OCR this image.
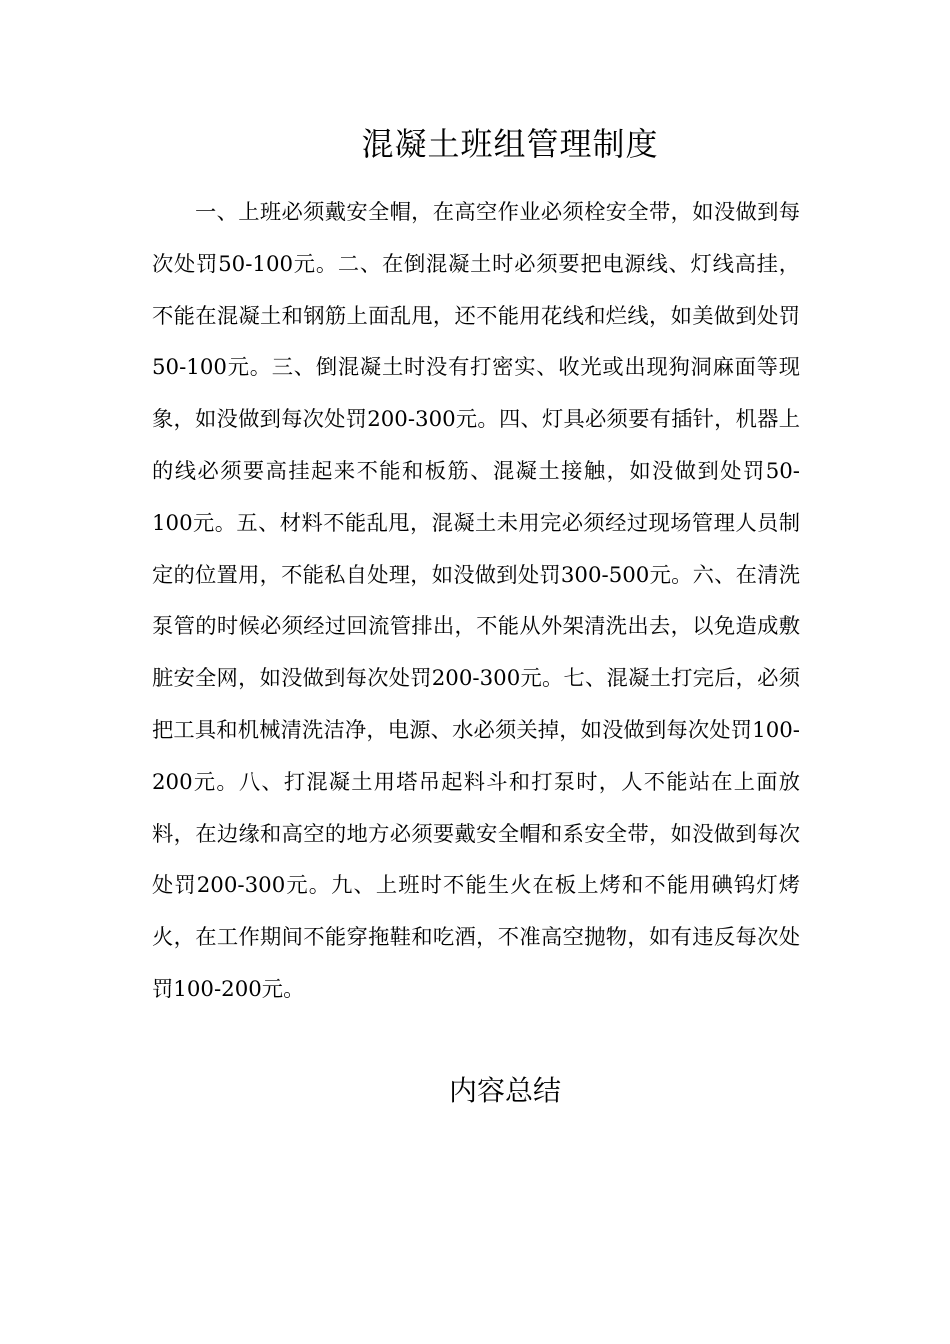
混凝土班组管理制度

一、上班必须戴安全帽，在高空作业必须栓安全带，如没做到每次处罚50-100元。二、在倒混凝土时必须要把电源线、灯线高挂，不能在混凝土和钢筋上面乱甩，还不能用花线和烂线，如美做到处罚50-100元。三、倒混凝土时没有打密实、收光或出现狗洞麻面等现象，如没做到每次处罚200-300元。四、灯具必须要有插针，机器上的线必须要高挂起来不能和板筋、混凝土接触，如没做到处罚50-100元。五、材料不能乱甩，混凝土未用完必须经过现场管理人员制定的位置用，不能私自处理，如没做到处罚300-500元。六、在清洗泵管的时候必须经过回流管排出，不能从外架清洗出去，以免造成敷脏安全网，如没做到每次处罚200-300元。七、混凝土打完后，必须把工具和机械清洗洁净，电源、水必须关掉，如没做到每次处罚100-200元。八、打混凝土用塔吊起料斗和打泵时，人不能站在上面放料，在边缘和高空的地方必须要戴安全帽和系安全带，如没做到每次处罚200-300元。九、上班时不能生火在板上烤和不能用碘钨灯烤火，在工作期间不能穿拖鞋和吃酒，不准高空抛物，如有违反每次处罚100-200元。

内容总结
